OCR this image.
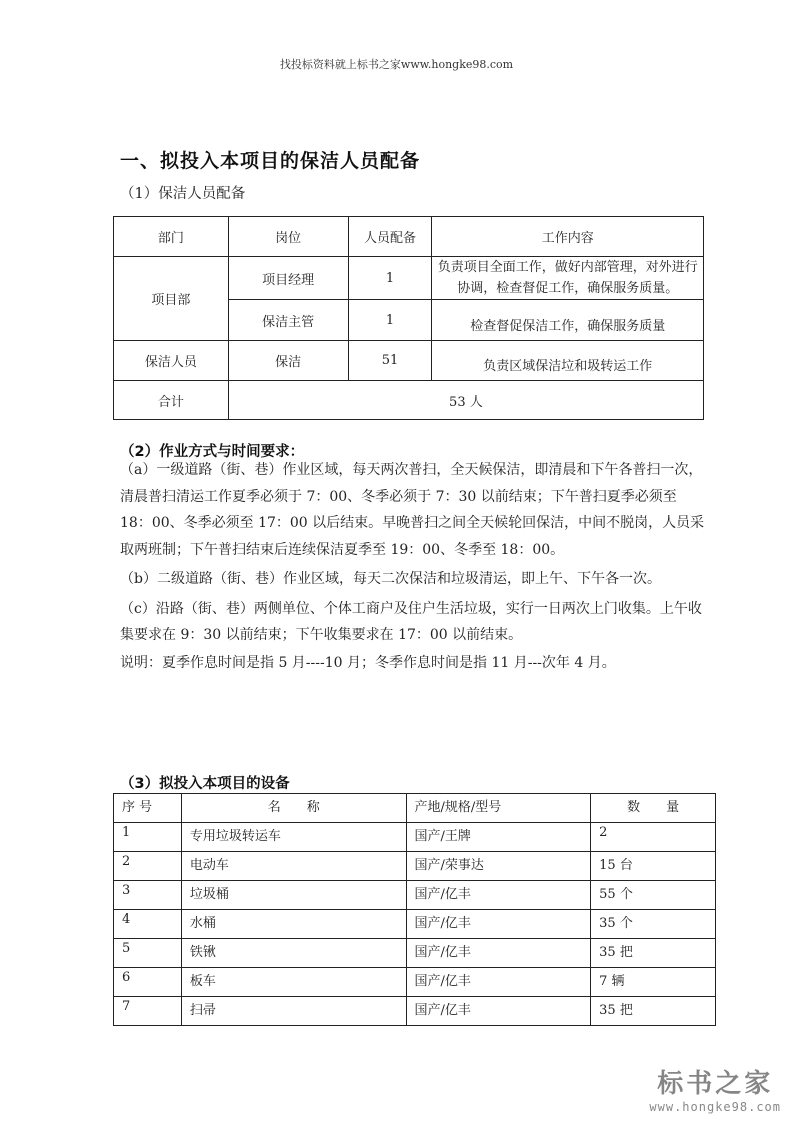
找投标资料就上标书之家www.hongke98.com
一、拟投入本项目的保洁人员配备
（1）保洁人员配备
部门	岗位	人员配备	工作内容
项目部	项目经理	1	负责项目全面工作，做好内部管理，对外进行协调，检查督促工作，确保服务质量。
	保洁主管	1	检查督促保洁工作，确保服务质量
保洁人员	保洁	51	负责区域保洁垃和圾转运工作
合计	53 人		
（2）作业方式与时间要求：

（a）一级道路（街、巷）作业区域，每天两次普扫，全天候保洁，即清晨和下午各普扫一次，清晨普扫清运工作夏季必须于 7：00、冬季必须于 7：30 以前结束；下午普扫夏季必须至 18：00、冬季必须至 17：00 以后结束。早晚普扫之间全天候轮回保洁，中间不脱岗，人员采取两班制；下午普扫结束后连续保洁夏季至 19：00、冬季至 18：00。

（b）二级道路（街、巷）作业区域，每天二次保洁和垃圾清运，即上午、下午各一次。

（c）沿路（街、巷）两侧单位、个体工商户及住户生活垃圾，实行一日两次上门收集。上午收集要求在 9：30 以前结束；下午收集要求在 17：00 以前结束。

说明：夏季作息时间是指 5 月----10 月；冬季作息时间是指 11 月---次年 4 月。

（3）拟投入本项目的设备
序 号	名　　称	产地/规格/型号	数　　量
1	专用垃圾转运车	国产/王牌	2
2	电动车	国产/荣事达	15 台
3	垃圾桶	国产/亿丰	55 个
4	水桶	国产/亿丰	35 个
5	铁锹	国产/亿丰	35 把
6	板车	国产/亿丰	7 辆
7	扫帚	国产/亿丰	35 把
标书之家
www.hongke98.com
